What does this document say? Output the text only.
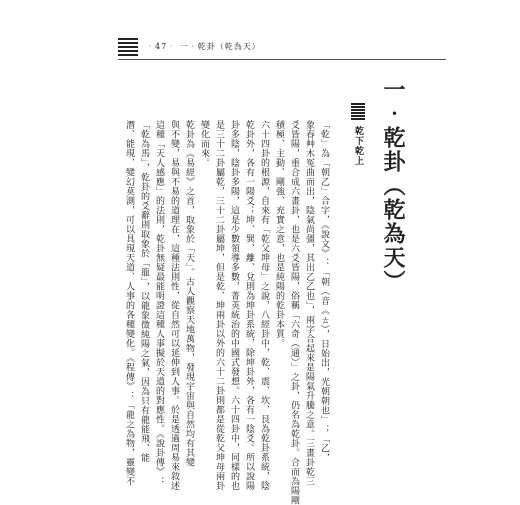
‧47‧ 一‧乾卦（乾為天）
一‧乾卦（乾為天）
乾下乾上
「乾」為「朝乙」合字，《說文》：「朝（音《ㄊ），日始出，光朝朝也」；「乙，
象春艸木冤曲而出，陰氣尚彊，其出乙乙也」，兩字合起來是陽氣升騰之意。三畫卦乾三
爻皆陽，重合成六畫卦，也是六爻皆陽，俗稱「六奇（通）」之卦，仍名為乾卦。合而為陽剛
積極、主動、剛強、充實之意，也是純陽的乾卦本質。
六十四卦的根源，自來有「乾父坤母」之說，八經卦中，乾、震、坎、艮為乾卦系統，陰
乾卦外，各有一陽爻；坤、巽、離、兌則為坤卦系統，除坤卦外，各有一陰爻。所以說陽
卦多陰，陰卦多陽，這是少數領導多數，菁英統治的中國式發想。六十四卦中，同樣的也
是三十二卦屬乾，三十二卦屬坤，但是乾、坤兩卦以外的六十二卦則都是從乾父坤母兩卦
變化而來。
乾卦為《易經》之首，取象於「天」。古人觀察天地萬物，發現宇宙與自然均有其變
與不變，易與不易的道理在，這種法則性，從自然可以延伸到人事。於是透過周易來敘述
這種「天人感應」的法則，乾卦無疑最能明證這種人事擬於天道的對應性。《說卦傳》：
「乾為馬」，乾卦的爻辭則取象於「龍」，以龍象徵純陽之氣，因為只有龍能飛、能
潛、能現、變幻莫測，可以具現天道、人事的各種變化。《程傳》：「龍之為物，靈變不
